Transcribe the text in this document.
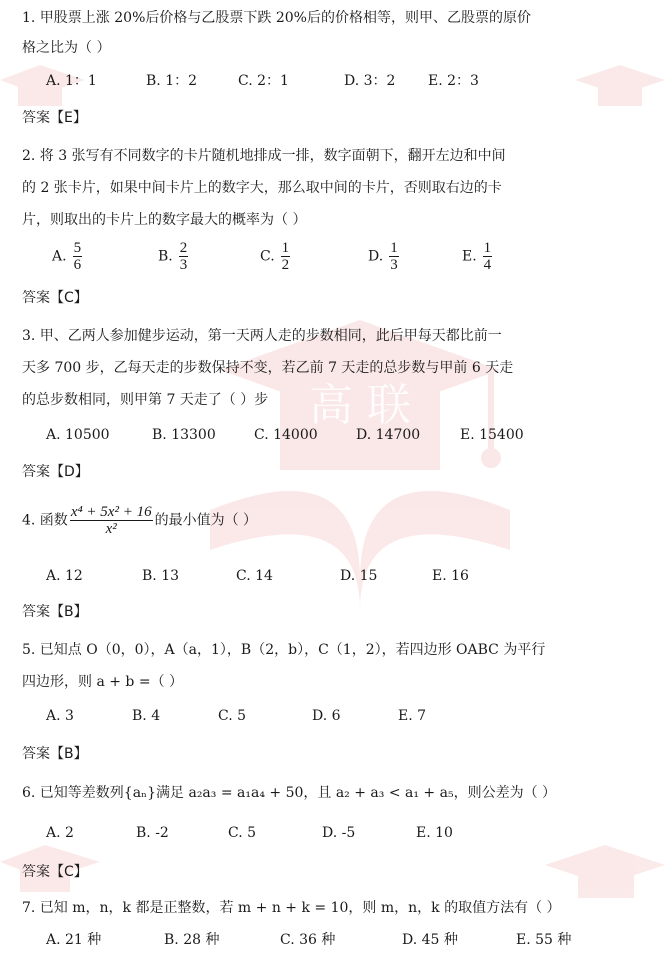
高 联
1. 甲股票上涨 20%后价格与乙股票下跌 20%后的价格相等，则甲、乙股票的原价
格之比为（ ）
A. 1：1	B. 1：2	C. 2：1	D. 3：2 E. 2：3
答案【E】
2. 将 3 张写有不同数字的卡片随机地排成一排，数字面朝下，翻开左边和中间
的 2 张卡片，如果中间卡片上的数字大，那么取中间的卡片，否则取右边的卡
片，则取出的卡片上的数字最大的概率为（ ）
A. $\frac{5}{6}$	B. $\frac{2}{3}$	C. $\frac{1}{2}$	D. $\frac{1}{3}$	E. $\frac{1}{4}$
答案【C】
3. 甲、乙两人参加健步运动，第一天两人走的步数相同，此后甲每天都比前一
天多 700 步，乙每天走的步数保持不变，若乙前 7 天走的总步数与甲前 6 天走
的总步数相同，则甲第 7 天走了（ ）步
A. 10500	B. 13300	C. 14000	D. 14700	E. 15400
答案【D】
4. 函数 $\frac{\text{x⁴ + 5x² + 16}}{\text{x²}}$ 的最小值为（ ）
A. 12	B. 13	C. 14	D. 15	E. 16
答案【B】
5. 已知点 O（0，0），A（a，1），B（2，b），C（1，2），若四边形 OABC 为平行
四边形，则 a + b =（ ）
A. 3	B. 4	C. 5	D. 6	E. 7
答案【B】
6. 已知等差数列{aₙ}满足 a₂a₃ = a₁a₄ + 50，且 a₂ + a₃ < a₁ + a₅，则公差为（ ）
A. 2	B. -2	C. 5	D. -5	E. 10
答案【C】
7. 已知 m，n，k 都是正整数，若 m + n + k = 10，则 m，n，k 的取值方法有（ ）
A. 21 种	B. 28 种	C. 36 种	D. 45 种	E. 55 种
